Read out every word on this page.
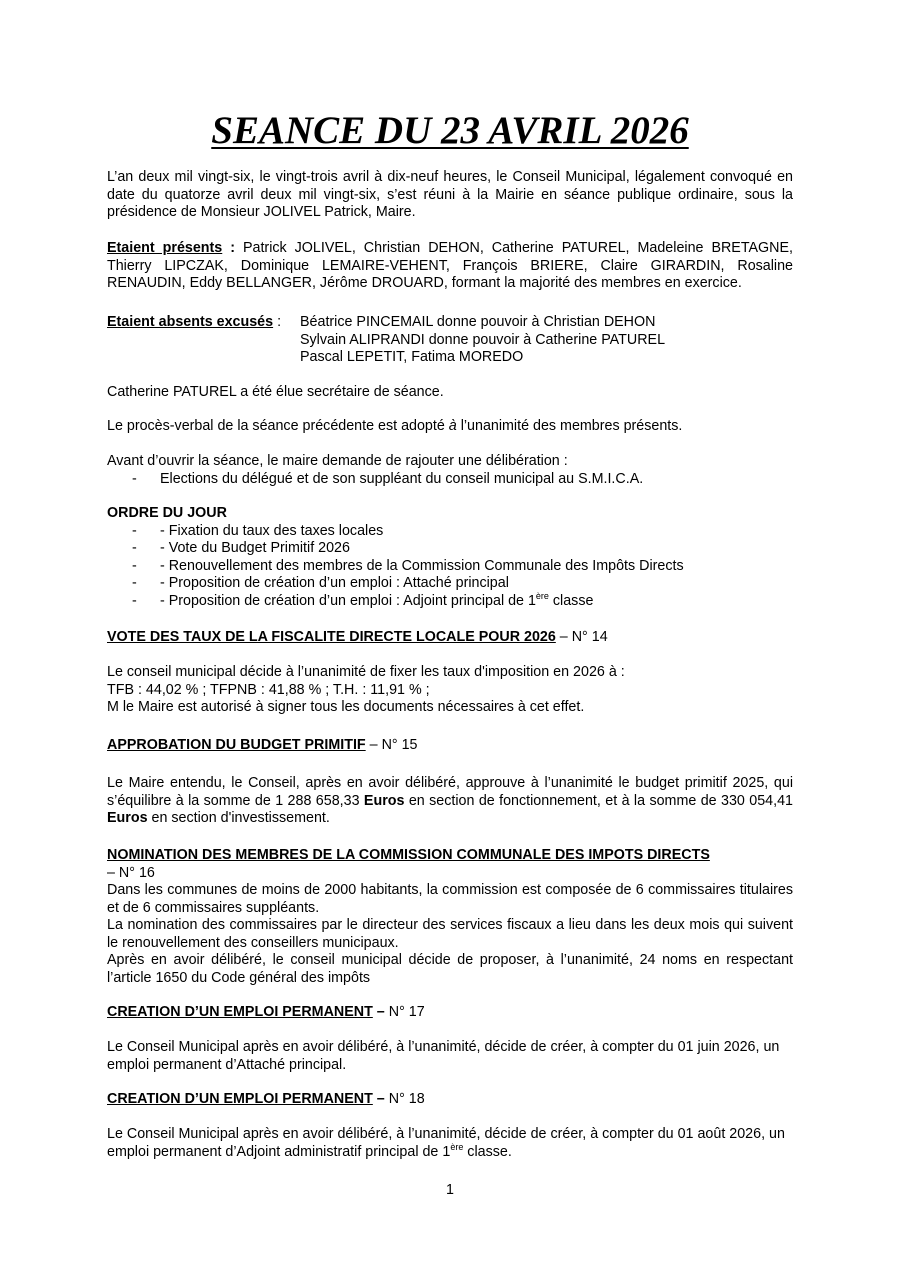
SEANCE DU 23 AVRIL 2026
L’an deux mil vingt-six, le vingt-trois avril à dix-neuf heures, le Conseil Municipal, légalement convoqué en date du quatorze avril deux mil vingt-six, s’est réuni à la Mairie en séance publique ordinaire, sous la présidence de Monsieur JOLIVEL Patrick, Maire.
Etaient présents : Patrick JOLIVEL, Christian DEHON, Catherine PATUREL, Madeleine BRETAGNE, Thierry LIPCZAK, Dominique LEMAIRE-VEHENT, François BRIERE, Claire GIRARDIN, Rosaline RENAUDIN, Eddy BELLANGER, Jérôme DROUARD, formant la majorité des membres en exercice.
Etaient absents excusés :Béatrice PINCEMAIL donne pouvoir à Christian DEHON
Sylvain ALIPRANDI donne pouvoir à Catherine PATUREL
Pascal LEPETIT, Fatima MOREDO
Catherine PATUREL a été élue secrétaire de séance.
Le procès-verbal de la séance précédente est adopté à l’unanimité des membres présents.
Avant d’ouvrir la séance, le maire demande de rajouter une délibération :
- Elections du délégué et de son suppléant du conseil municipal au S.M.I.C.A.
ORDRE DU JOUR
- - Fixation du taux des taxes locales
- - Vote du Budget Primitif 2026
- - Renouvellement des membres de la Commission Communale des Impôts Directs
- - Proposition de création d’un emploi : Attaché principal
- - Proposition de création d’un emploi : Adjoint principal de 1ère classe
VOTE DES TAUX DE LA FISCALITE DIRECTE LOCALE POUR 2026 – N° 14
Le conseil municipal décide à l’unanimité de fixer les taux d'imposition en 2026 à :
TFB : 44,02 % ; TFPNB : 41,88 % ; T.H. : 11,91 % ;
M le Maire est autorisé à signer tous les documents nécessaires à cet effet.
APPROBATION DU BUDGET PRIMITIF – N° 15
Le Maire entendu, le Conseil, après en avoir délibéré, approuve à l’unanimité le budget primitif 2025, qui s’équilibre à la somme de 1 288 658,33 Euros en section de fonctionnement, et à la somme de 330 054,41 Euros en section d'investissement.
NOMINATION DES MEMBRES DE LA COMMISSION COMMUNALE DES IMPOTS DIRECTS
– N° 16
Dans les communes de moins de 2000 habitants, la commission est composée de 6 commissaires titulaires et de 6 commissaires suppléants.
La nomination des commissaires par le directeur des services fiscaux a lieu dans les deux mois qui suivent le renouvellement des conseillers municipaux.
Après en avoir délibéré, le conseil municipal décide de proposer, à l’unanimité, 24 noms en respectant l’article 1650 du Code général des impôts
CREATION D’UN EMPLOI PERMANENT – N° 17
Le Conseil Municipal après en avoir délibéré, à l’unanimité, décide de créer, à compter du 01 juin 2026, un emploi permanent d’Attaché principal.
CREATION D’UN EMPLOI PERMANENT – N° 18
Le Conseil Municipal après en avoir délibéré, à l’unanimité, décide de créer, à compter du 01 août 2026, un emploi permanent d’Adjoint administratif principal de 1ère classe.
1
